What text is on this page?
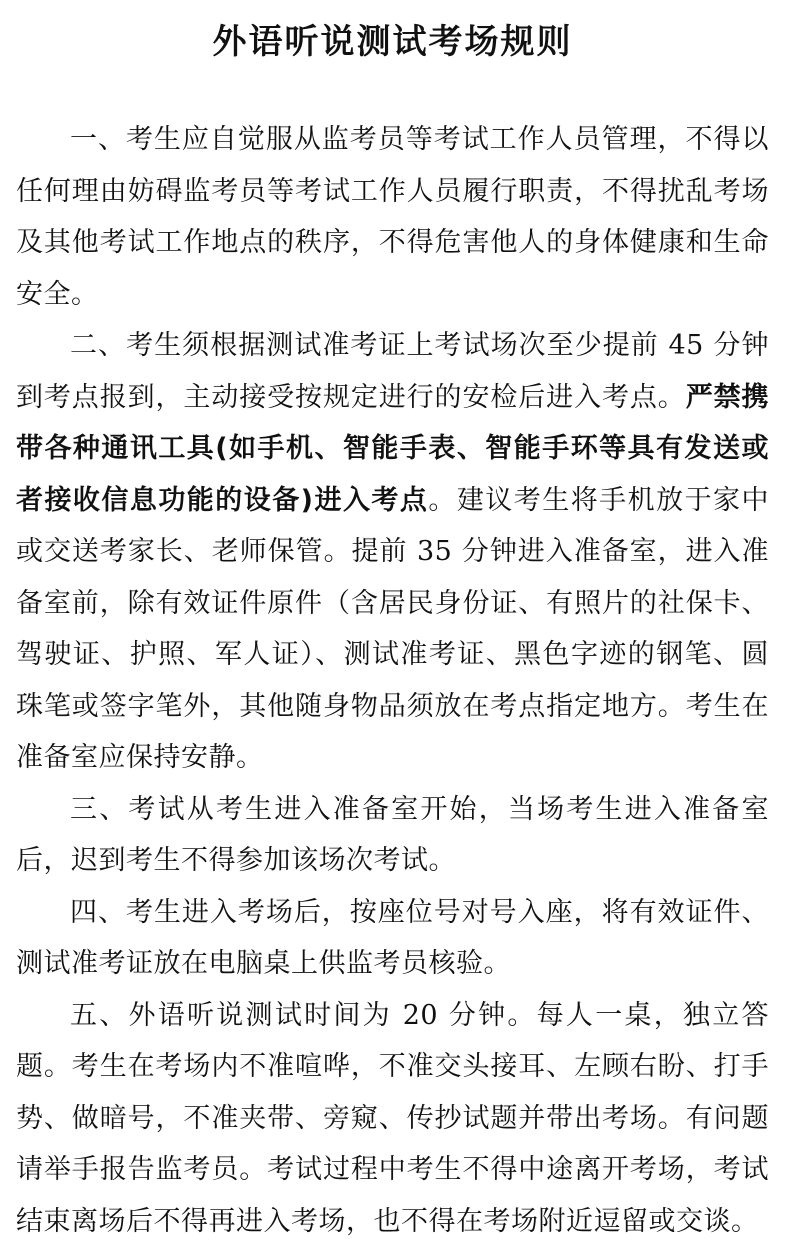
外语听说测试考场规则

一、考生应自觉服从监考员等考试工作人员管理，不得以任何理由妨碍监考员等考试工作人员履行职责，不得扰乱考场及其他考试工作地点的秩序，不得危害他人的身体健康和生命安全。

二、考生须根据测试准考证上考试场次至少提前 45 分钟到考点报到，主动接受按规定进行的安检后进入考点。严禁携带各种通讯工具(如手机、智能手表、智能手环等具有发送或者接收信息功能的设备)进入考点。建议考生将手机放于家中或交送考家长、老师保管。提前 35 分钟进入准备室，进入准备室前，除有效证件原件（含居民身份证、有照片的社保卡、驾驶证、护照、军人证）、测试准考证、黑色字迹的钢笔、圆珠笔或签字笔外，其他随身物品须放在考点指定地方。考生在准备室应保持安静。

三、考试从考生进入准备室开始，当场考生进入准备室后，迟到考生不得参加该场次考试。

四、考生进入考场后，按座位号对号入座，将有效证件、测试准考证放在电脑桌上供监考员核验。

五、外语听说测试时间为 20 分钟。每人一桌，独立答题。考生在考场内不准喧哗，不准交头接耳、左顾右盼、打手势、做暗号，不准夹带、旁窥、传抄试题并带出考场。有问题请举手报告监考员。考试过程中考生不得中途离开考场，考试结束离场后不得再进入考场，也不得在考场附近逗留或交谈。
